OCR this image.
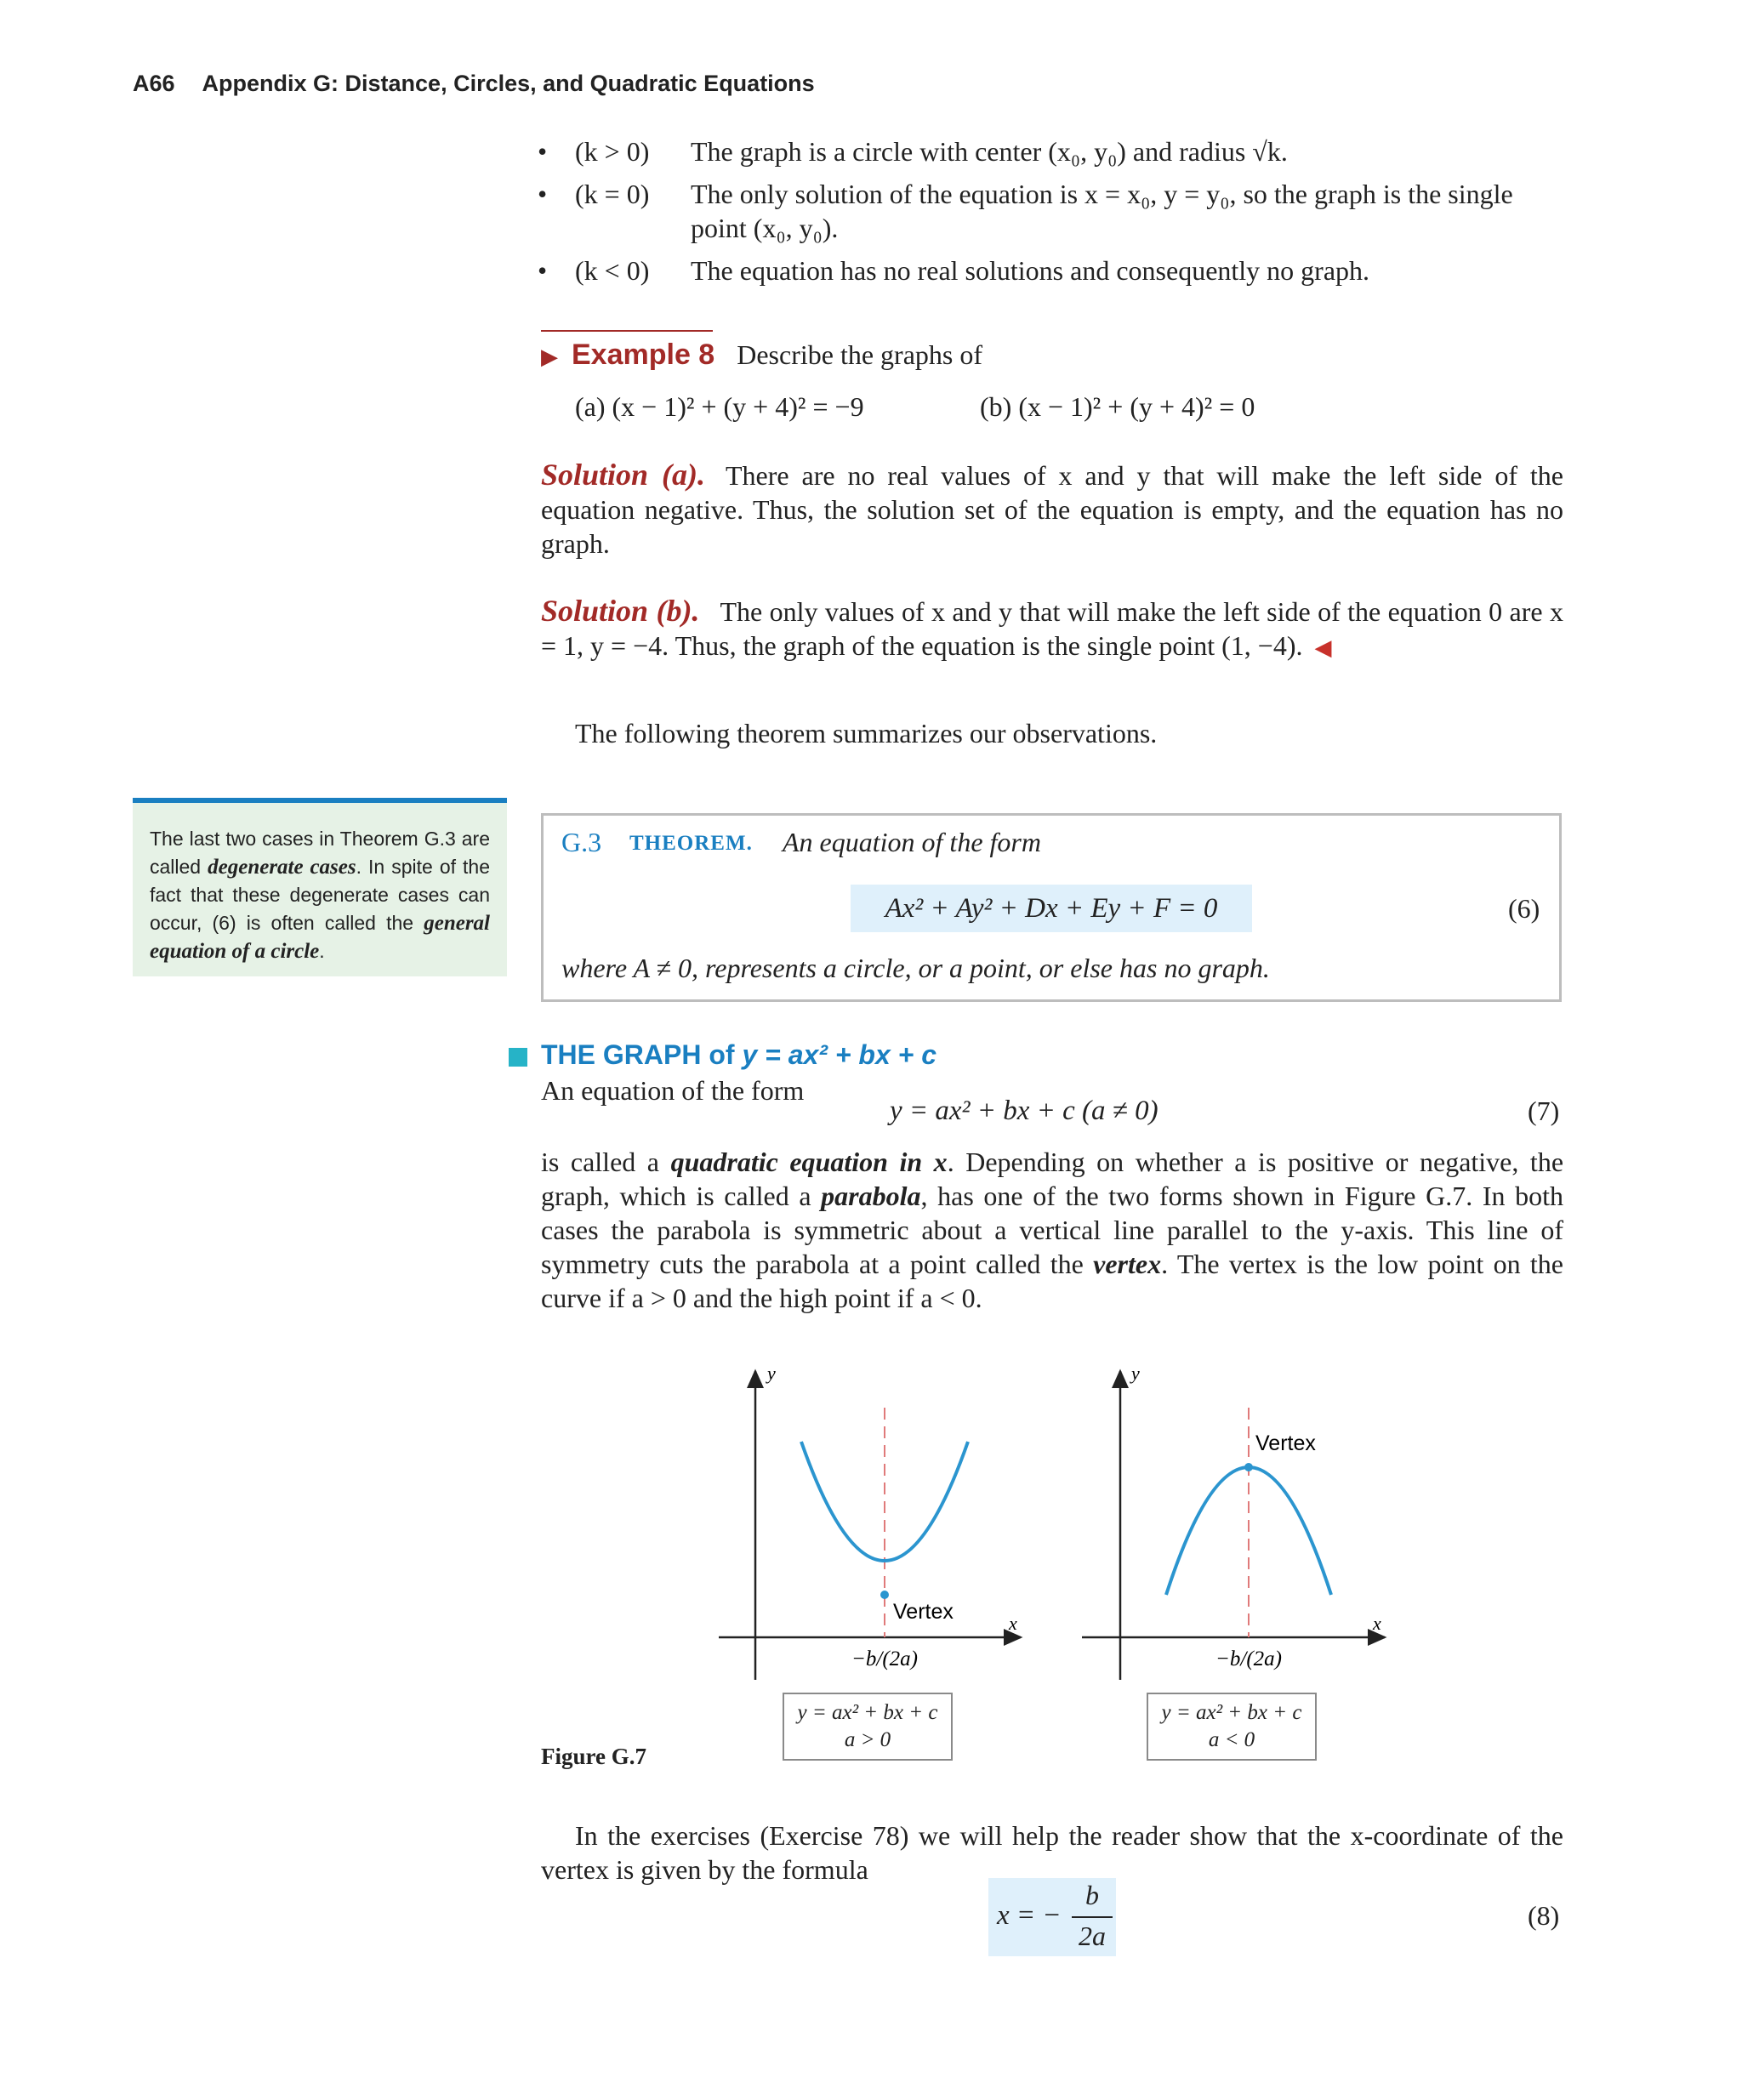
A66 Appendix G: Distance, Circles, and Quadratic Equations
• (k > 0) The graph is a circle with center (x₀, y₀) and radius √k.
• (k = 0) The only solution of the equation is x = x₀, y = y₀, so the graph is the single point (x₀, y₀).
• (k < 0) The equation has no real solutions and consequently no graph.
▶ Example 8 Describe the graphs of
(a) (x − 1)² + (y + 4)² = −9	(b) (x − 1)² + (y + 4)² = 0
Solution (a). There are no real values of x and y that will make the left side of the equation negative. Thus, the solution set of the equation is empty, and the equation has no graph.
Solution (b). The only values of x and y that will make the left side of the equation 0 are x = 1, y = −4. Thus, the graph of the equation is the single point (1, −4). ◀
The following theorem summarizes our observations.
The last two cases in Theorem G.3 are called degenerate cases. In spite of the fact that these degenerate cases can occur, (6) is often called the general equation of a circle.
G.3 THEOREM. An equation of the form
Ax² + Ay² + Dx + Ey + F = 0	(6)
where A ≠ 0, represents a circle, or a point, or else has no graph.
THE GRAPH of y = ax² + bx + c
An equation of the form
y = ax² + bx + c (a ≠ 0)	(7)
is called a quadratic equation in x. Depending on whether a is positive or negative, the graph, which is called a parabola, has one of the two forms shown in Figure G.7. In both cases the parabola is symmetric about a vertical line parallel to the y-axis. This line of symmetry cuts the parabola at a point called the vertex. The vertex is the low point on the curve if a > 0 and the high point if a < 0.
y
x
Vertex
−b/(2a)
y
x
Vertex
−b/(2a)
y = ax² + bx + c
a > 0
y = ax² + bx + c
a < 0
Figure G.7
In the exercises (Exercise 78) we will help the reader show that the x-coordinate of the vertex is given by the formula
x = −
b
2a
(8)
